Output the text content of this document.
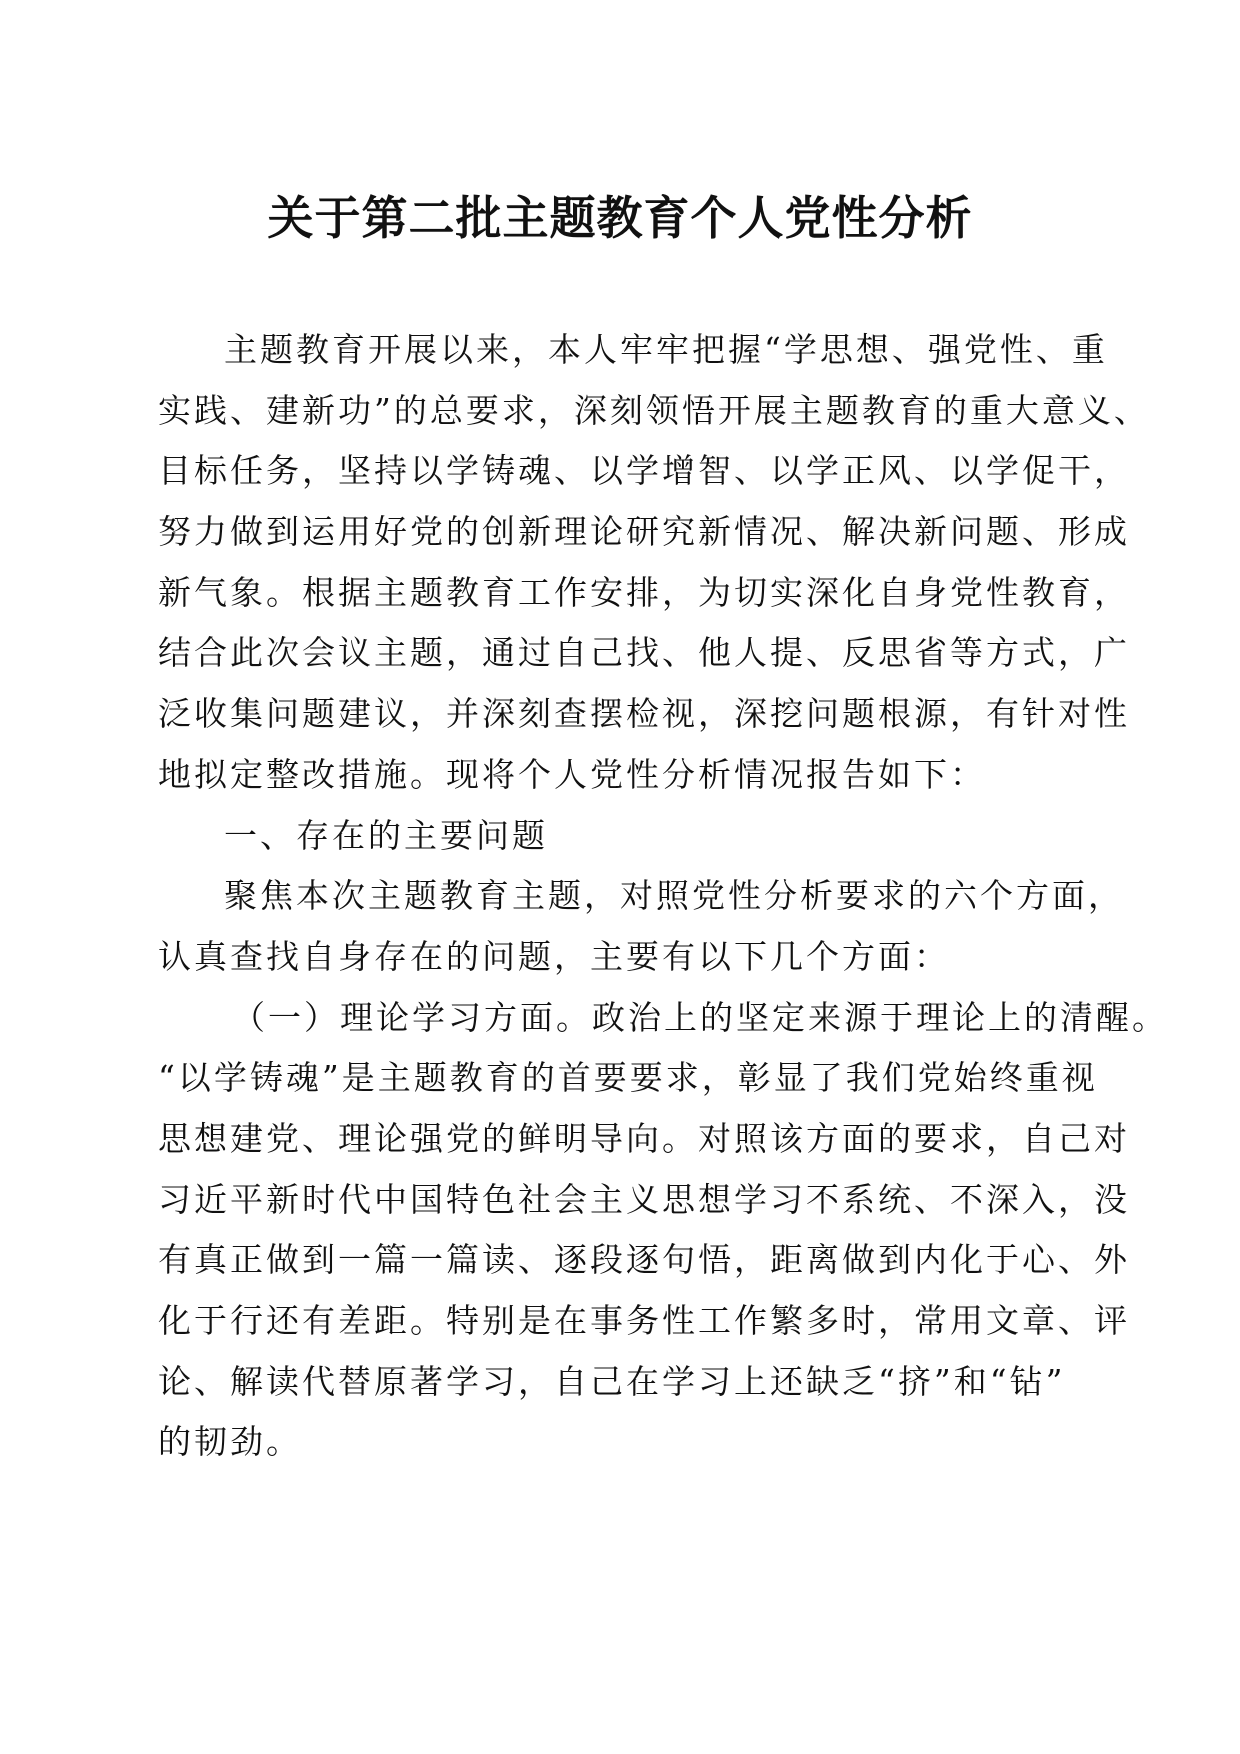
关于第二批主题教育个人党性分析
主题教育开展以来，本人牢牢把握“学思想、强党性、重
实践、建新功”的总要求，深刻领悟开展主题教育的重大意义、
目标任务，坚持以学铸魂、以学增智、以学正风、以学促干，
努力做到运用好党的创新理论研究新情况、解决新问题、形成
新气象。根据主题教育工作安排，为切实深化自身党性教育，
结合此次会议主题，通过自己找、他人提、反思省等方式，广
泛收集问题建议，并深刻查摆检视，深挖问题根源，有针对性
地拟定整改措施。现将个人党性分析情况报告如下：
一、存在的主要问题
聚焦本次主题教育主题，对照党性分析要求的六个方面，
认真查找自身存在的问题，主要有以下几个方面：
（一）理论学习方面。政治上的坚定来源于理论上的清醒。
“以学铸魂”是主题教育的首要要求，彰显了我们党始终重视
思想建党、理论强党的鲜明导向。对照该方面的要求，自己对
习近平新时代中国特色社会主义思想学习不系统、不深入，没
有真正做到一篇一篇读、逐段逐句悟，距离做到内化于心、外
化于行还有差距。特别是在事务性工作繁多时，常用文章、评
论、解读代替原著学习，自己在学习上还缺乏“挤”和“钻”
的韧劲。
